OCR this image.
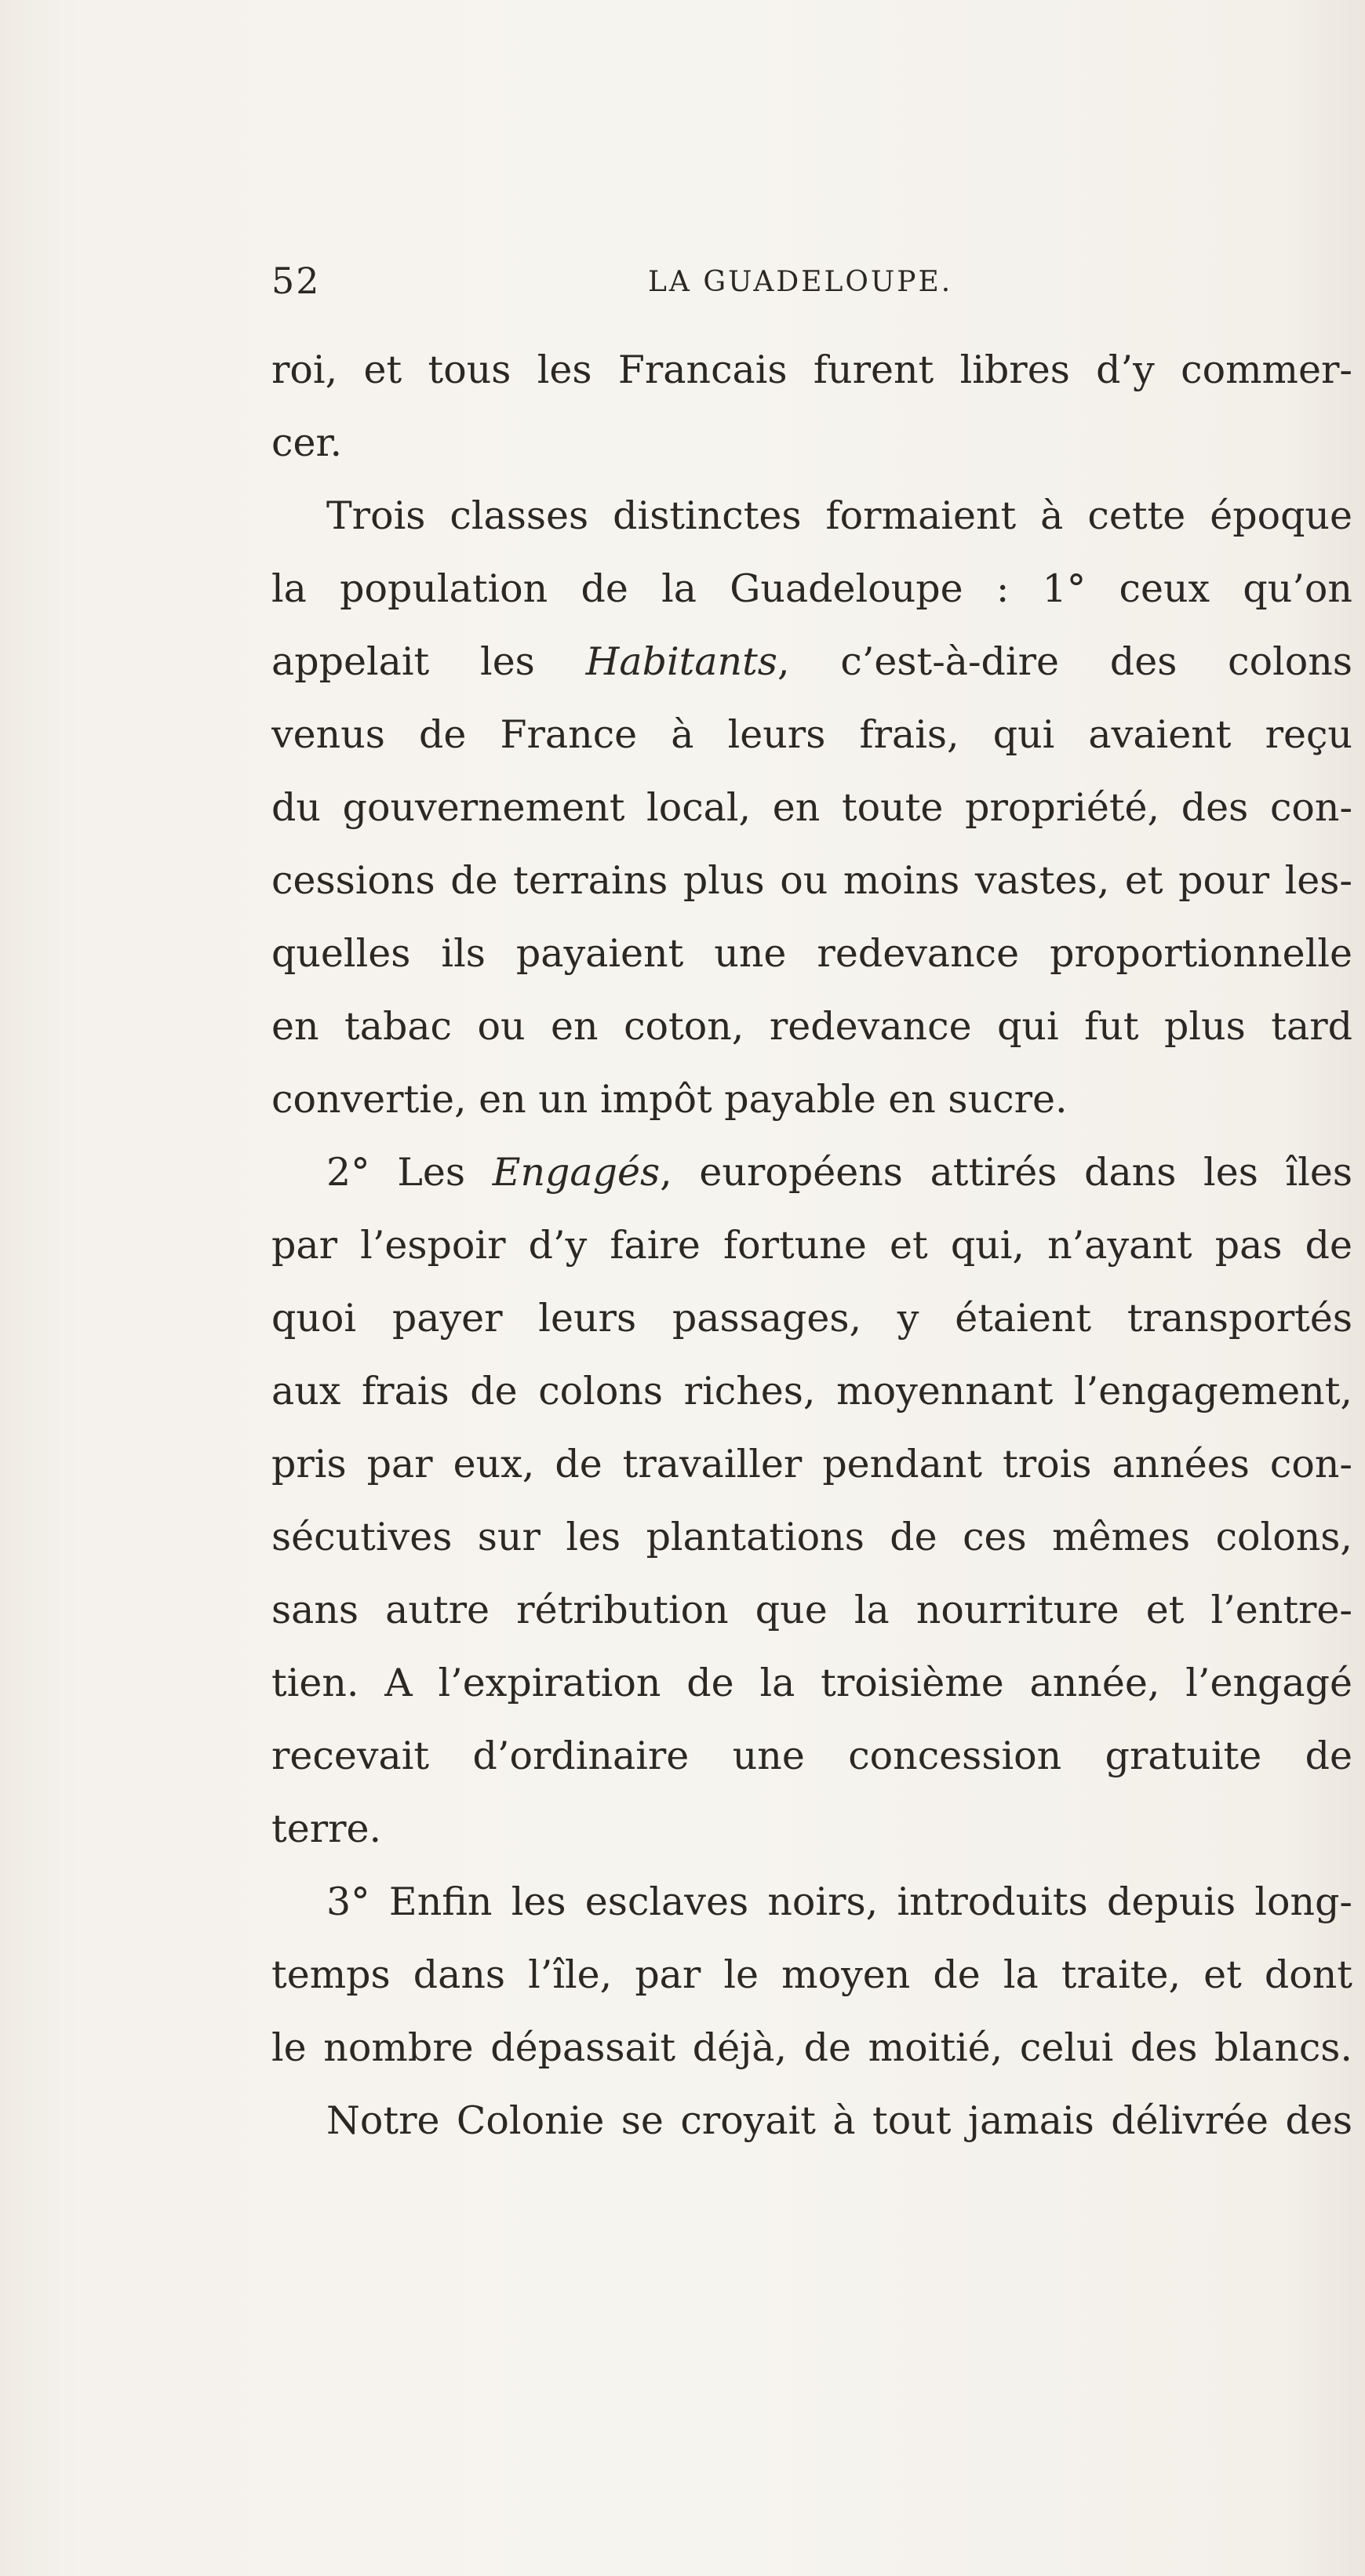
52	LA GUADELOUPE.
roi, et tous les Francais furent libres d’y commer-
cer.
Trois classes distinctes formaient à cette époque
la population de la Guadeloupe : 1° ceux qu’on
appelait les Habitants, c’est-à-dire des colons
venus de France à leurs frais, qui avaient reçu
du gouvernement local, en toute propriété, des con-
cessions de terrains plus ou moins vastes, et pour les-
quelles ils payaient une redevance proportionnelle
en tabac ou en coton, redevance qui fut plus tard
convertie, en un impôt payable en sucre.
2° Les Engagés, européens attirés dans les îles
par l’espoir d’y faire fortune et qui, n’ayant pas de
quoi payer leurs passages, y étaient transportés
aux frais de colons riches, moyennant l’engagement,
pris par eux, de travailler pendant trois années con-
sécutives sur les plantations de ces mêmes colons,
sans autre rétribution que la nourriture et l’entre-
tien. A l’expiration de la troisième année, l’engagé
recevait d’ordinaire une concession gratuite de
terre.
3° Enfin les esclaves noirs, introduits depuis long-
temps dans l’île, par le moyen de la traite, et dont
le nombre dépassait déjà, de moitié, celui des blancs.
Notre Colonie se croyait à tout jamais délivrée des
